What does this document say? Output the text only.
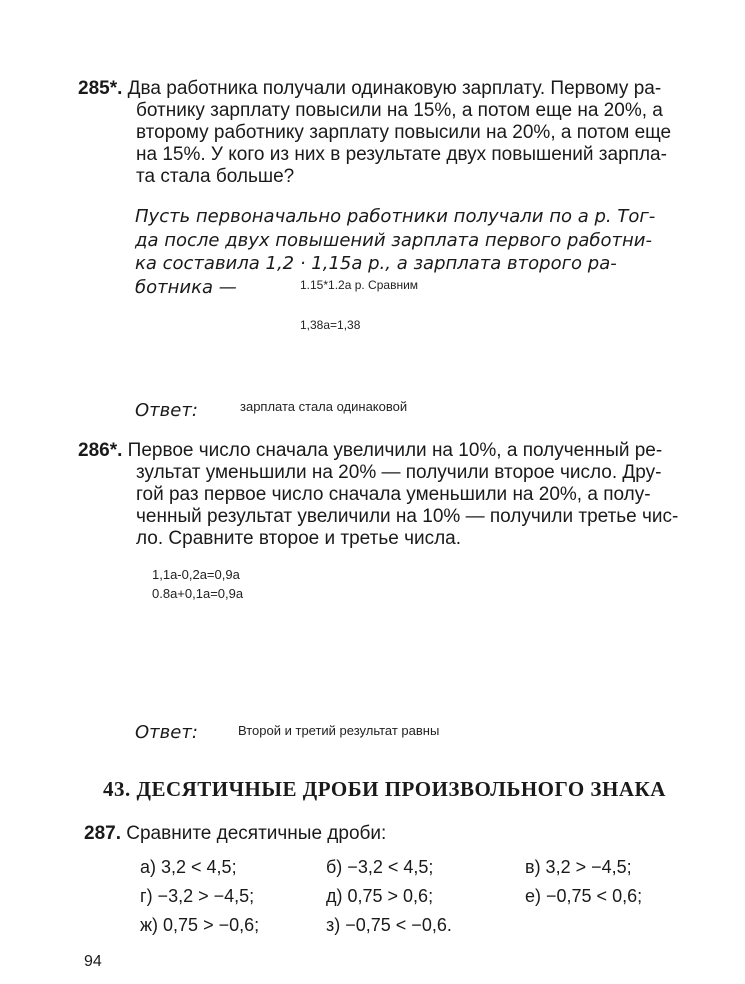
285*. Два работника получали одинаковую зарплату. Первому ра-
ботнику зарплату повысили на 15%, а потом еще на 20%, а
второму работнику зарплату повысили на 20%, а потом еще
на 15%. У кого из них в результате двух повышений зарпла-
та стала больше?
Пусть первоначально работники получали по a р. Тог-
да после двух повышений зарплата первого работни-
ка составила 1,2 · 1,15a р., а зарплата второго ра-
ботника —	1.15*1.2a р. Сравним
1,38a=1,38
Ответ:	зарплата стала одинаковой
286*. Первое число сначала увеличили на 10%, а полученный ре-
зультат уменьшили на 20% — получили второе число. Дру-
гой раз первое число сначала уменьшили на 20%, а полу-
ченный результат увеличили на 10% — получили третье чис-
ло. Сравните второе и третье числа.
1,1a-0,2a=0,9a
0.8a+0,1a=0,9a
Ответ:	Второй и третий результат равны
43. ДЕСЯТИЧНЫЕ ДРОБИ ПРОИЗВОЛЬНОГО ЗНАКА
287. Сравните десятичные дроби:
а) 3,2 < 4,5;	б) −3,2 < 4,5;	в) 3,2 > −4,5;
г) −3,2 > −4,5;	д) 0,75 > 0,6;	е) −0,75 < 0,6;
ж) 0,75 > −0,6;	з) −0,75 < −0,6.
94
